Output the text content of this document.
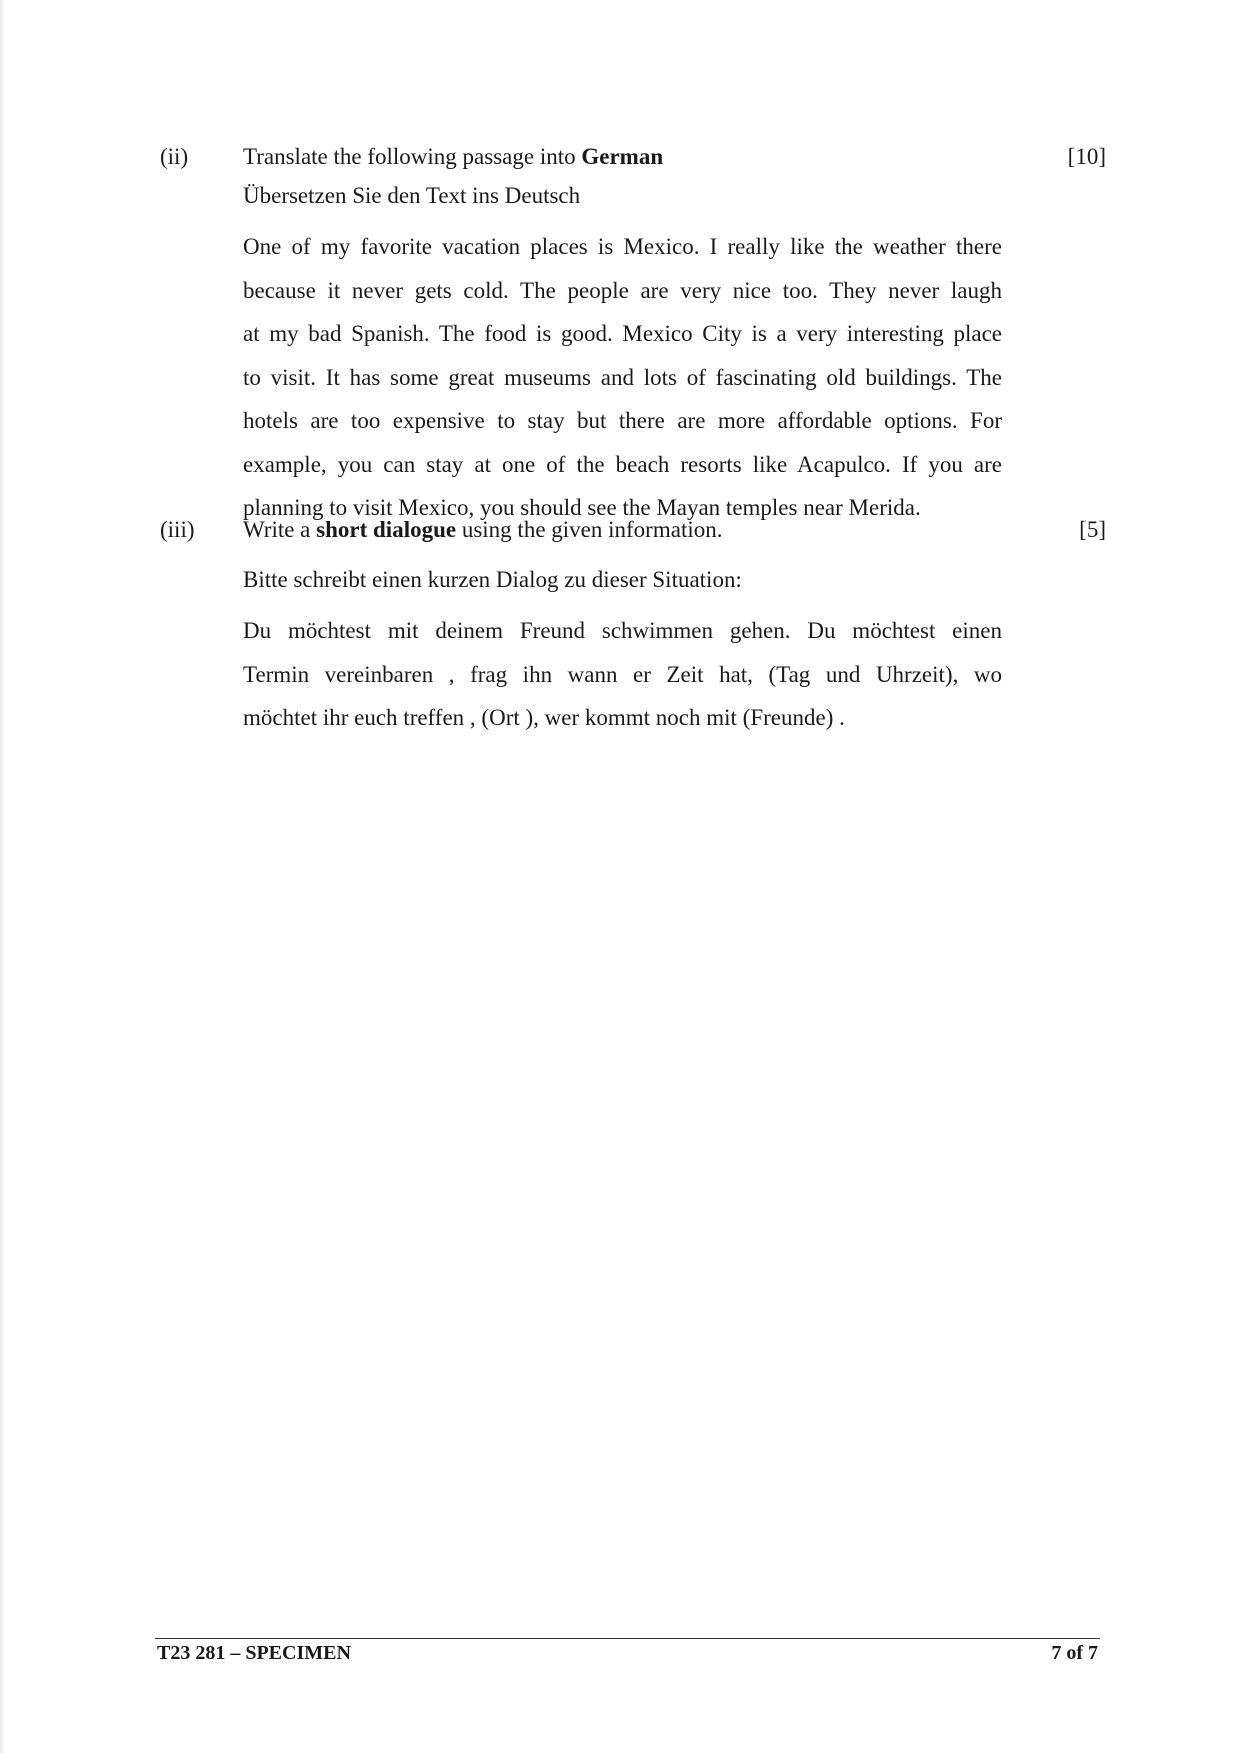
(ii) Translate the following passage into German	[10]
Übersetzen Sie den Text ins Deutsch
One of my favorite vacation places is Mexico. I really like the weather there
because it never gets cold. The people are very nice too. They never laugh
at my bad Spanish. The food is good. Mexico City is a very interesting place
to visit. It has some great museums and lots of fascinating old buildings. The
hotels are too expensive to stay but there are more affordable options. For
example, you can stay at one of the beach resorts like Acapulco. If you are
planning to visit Mexico, you should see the Mayan temples near Merida.
(iii) Write a short dialogue using the given information.	[5]
Bitte schreibt einen kurzen Dialog zu dieser Situation:
Du möchtest mit deinem Freund schwimmen gehen. Du möchtest einen
Termin vereinbaren , frag ihn wann er Zeit hat, (Tag und Uhrzeit), wo
möchtet ihr euch treffen , (Ort ), wer kommt noch mit (Freunde) .
T23 281 – SPECIMEN	7 of 7
